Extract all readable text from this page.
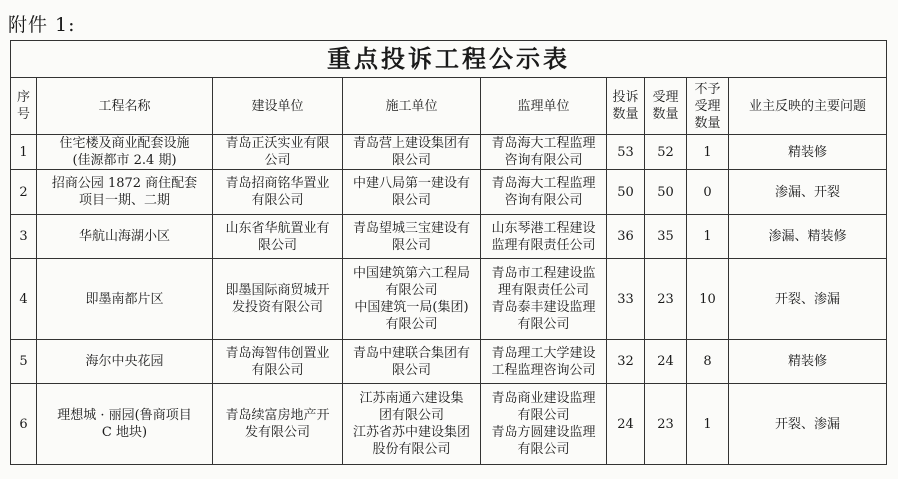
附件 1:
重点投诉工程公示表								
序
号	工程名称	建设单位	施工单位	监理单位	投诉
数量	受理
数量	不予
受理
数量	业主反映的主要问题
1	住宅楼及商业配套设施
(佳源都市 2.4 期)	青岛正沃实业有限
公司	青岛营上建设集团有
限公司	青岛海大工程监理
咨询有限公司	53	52	1	精装修
2	招商公园 1872 商住配套
项目一期、二期	青岛招商铭华置业
有限公司	中建八局第一建设有
限公司	青岛海大工程监理
咨询有限公司	50	50	0	渗漏、开裂
3	华航山海湖小区	山东省华航置业有
限公司	青岛望城三宝建设有
限公司	山东琴港工程建设
监理有限责任公司	36	35	1	渗漏、精装修
4	即墨南都片区	即墨国际商贸城开
发投资有限公司	中国建筑第六工程局
有限公司
中国建筑一局(集团)
有限公司	青岛市工程建设监
理有限责任公司
青岛泰丰建设监理
有限公司	33	23	10	开裂、渗漏
5	海尔中央花园	青岛海智伟创置业
有限公司	青岛中建联合集团有
限公司	青岛理工大学建设
工程监理咨询公司	32	24	8	精装修
6	理想城 · 丽园(鲁商项目
C 地块)	青岛续富房地产开
发有限公司	江苏南通六建设集
团有限公司
江苏省苏中建设集团
股份有限公司	青岛商业建设监理
有限公司
青岛方圆建设监理
有限公司	24	23	1	开裂、渗漏
